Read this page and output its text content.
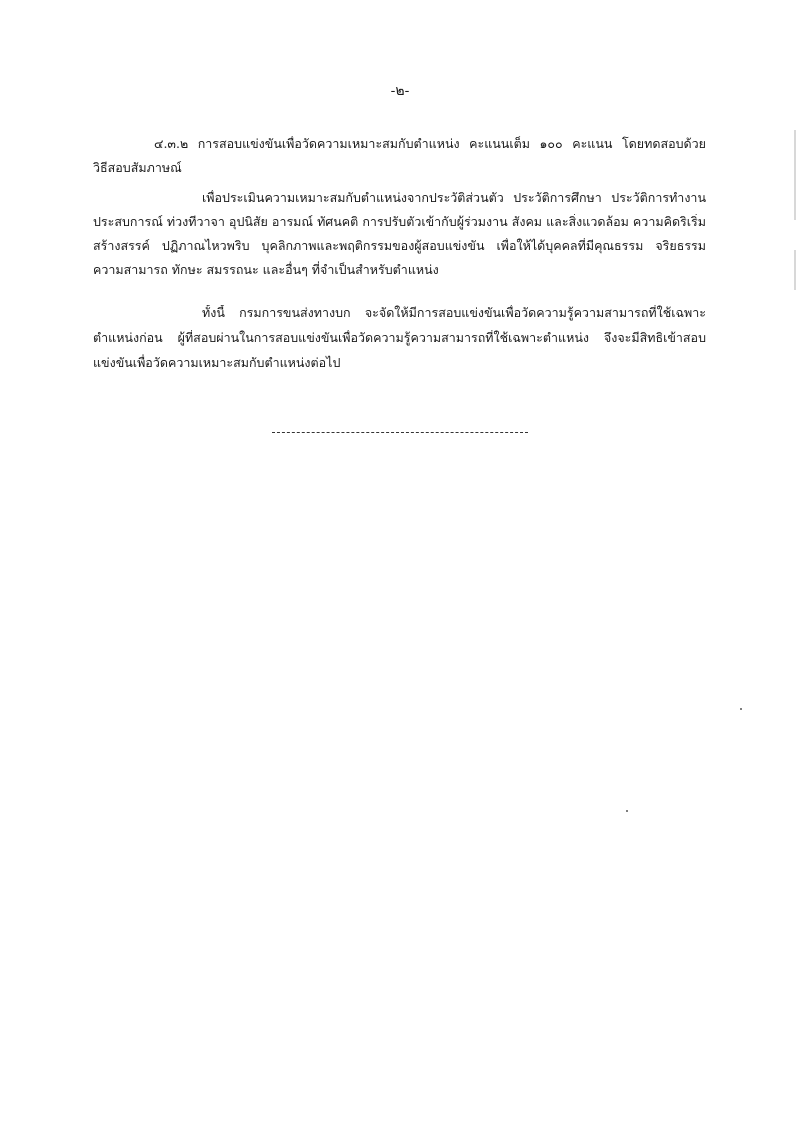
-๒-
๔.๓.๒ การสอบแข่งขันเพื่อวัดความเหมาะสมกับตำแหน่ง คะแนนเต็ม ๑๐๐ คะแนน โดยทดสอบด้วย
วิธีสอบสัมภาษณ์
เพื่อประเมินความเหมาะสมกับตำแหน่งจากประวัติส่วนตัว ประวัติการศึกษา ประวัติการทำงาน
ประสบการณ์ ท่วงทีวาจา อุปนิสัย อารมณ์ ทัศนคติ การปรับตัวเข้ากับผู้ร่วมงาน สังคม และสิ่งแวดล้อม ความคิดริเริ่ม
สร้างสรรค์ ปฏิภาณไหวพริบ บุคลิกภาพและพฤติกรรมของผู้สอบแข่งขัน เพื่อให้ได้บุคคลที่มีคุณธรรม จริยธรรม
ความสามารถ ทักษะ สมรรถนะ และอื่นๆ ที่จำเป็นสำหรับตำแหน่ง
ทั้งนี้ กรมการขนส่งทางบก จะจัดให้มีการสอบแข่งขันเพื่อวัดความรู้ความสามารถที่ใช้เฉพาะ
ตำแหน่งก่อน ผู้ที่สอบผ่านในการสอบแข่งขันเพื่อวัดความรู้ความสามารถที่ใช้เฉพาะตำแหน่ง จึงจะมีสิทธิเข้าสอบ
แข่งขันเพื่อวัดความเหมาะสมกับตำแหน่งต่อไป
